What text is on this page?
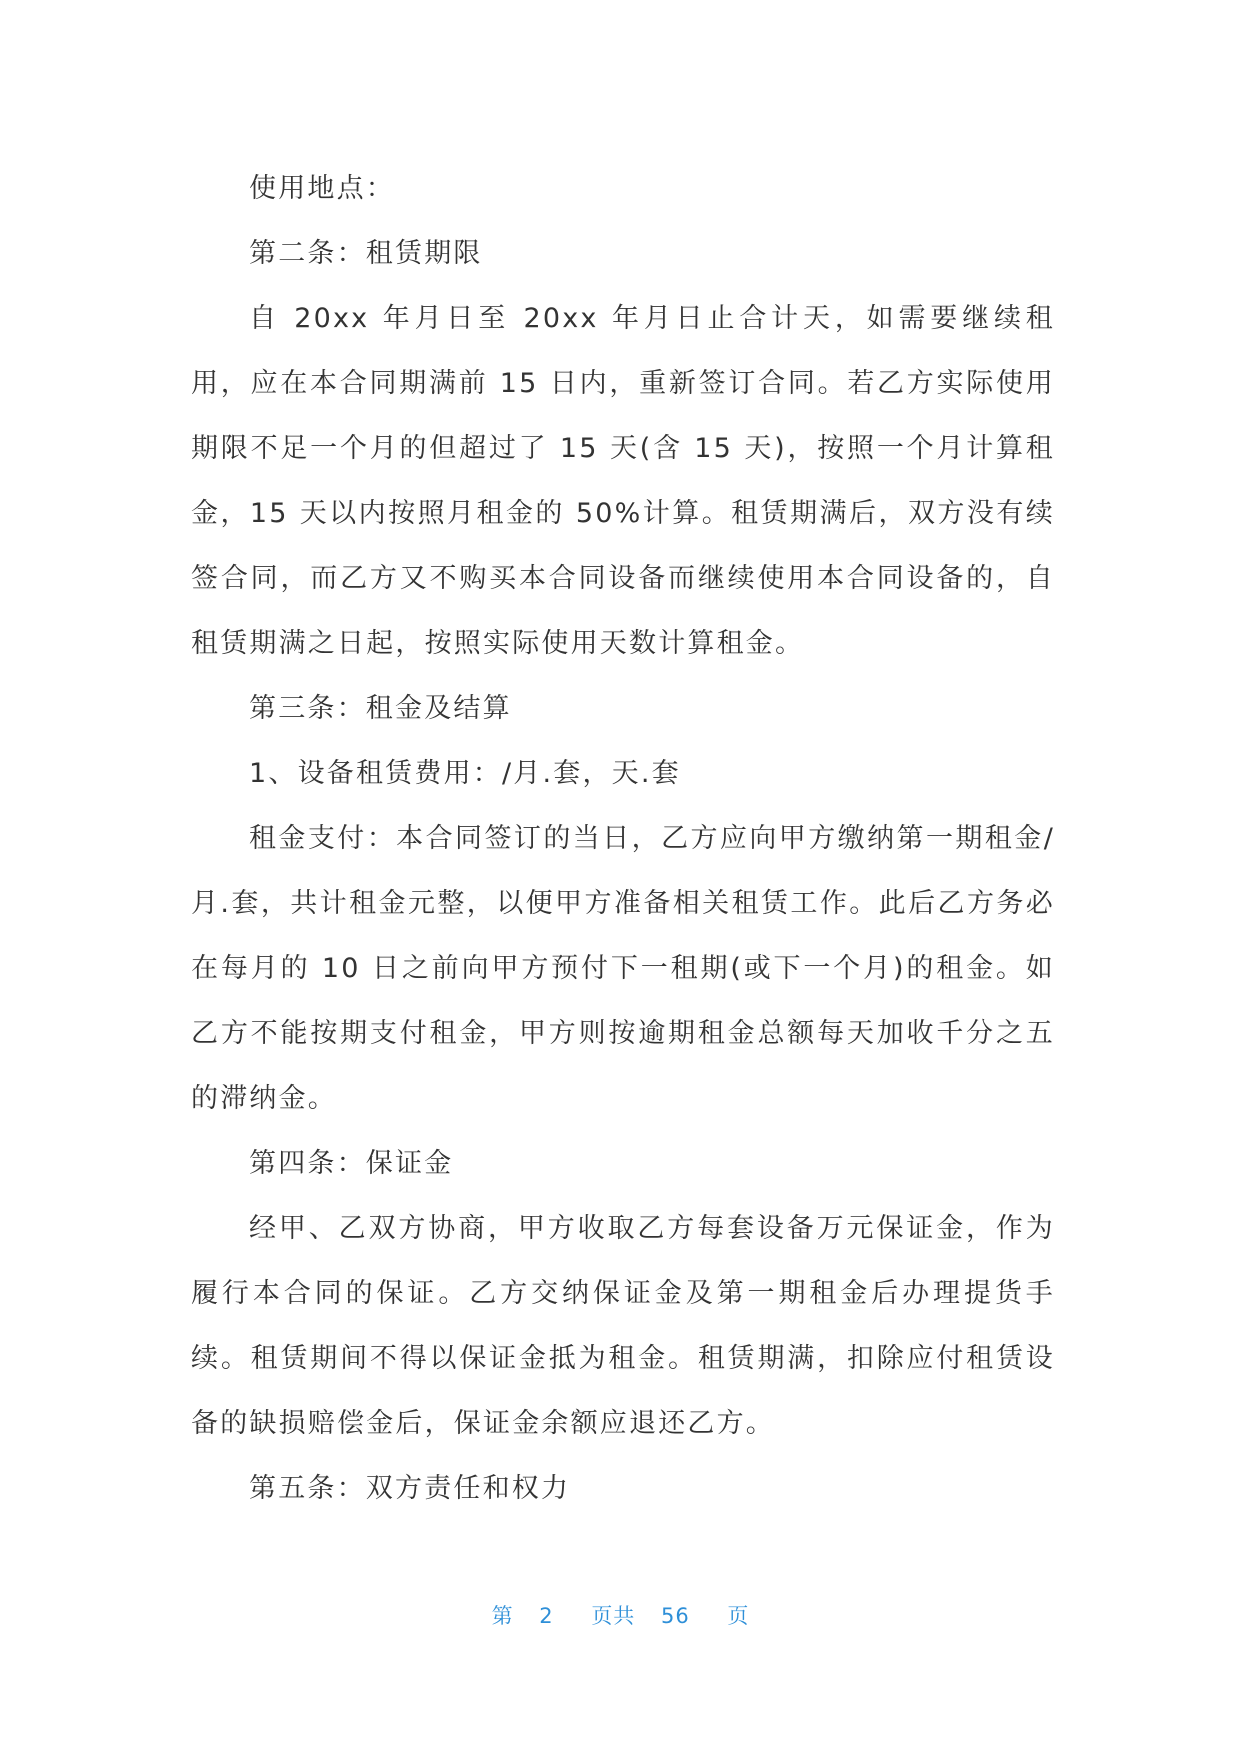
使用地点：

第二条：租赁期限

自 20xx 年月日至 20xx 年月日止合计天，如需要继续租用，应在本合同期满前 15 日内，重新签订合同。若乙方实际使用期限不足一个月的但超过了 15 天(含 15 天)，按照一个月计算租金，15 天以内按照月租金的 50%计算。租赁期满后，双方没有续签合同，而乙方又不购买本合同设备而继续使用本合同设备的，自租赁期满之日起，按照实际使用天数计算租金。

第三条：租金及结算

1、设备租赁费用：/月.套，天.套

租金支付：本合同签订的当日，乙方应向甲方缴纳第一期租金/月.套，共计租金元整，以便甲方准备相关租赁工作。此后乙方务必在每月的 10 日之前向甲方预付下一租期(或下一个月)的租金。如乙方不能按期支付租金，甲方则按逾期租金总额每天加收千分之五的滞纳金。

第四条：保证金

经甲、乙双方协商，甲方收取乙方每套设备万元保证金，作为履行本合同的保证。乙方交纳保证金及第一期租金后办理提货手续。租赁期间不得以保证金抵为租金。租赁期满，扣除应付租赁设备的缺损赔偿金后，保证金余额应退还乙方。

第五条：双方责任和权力

第 2 页共 56 页
